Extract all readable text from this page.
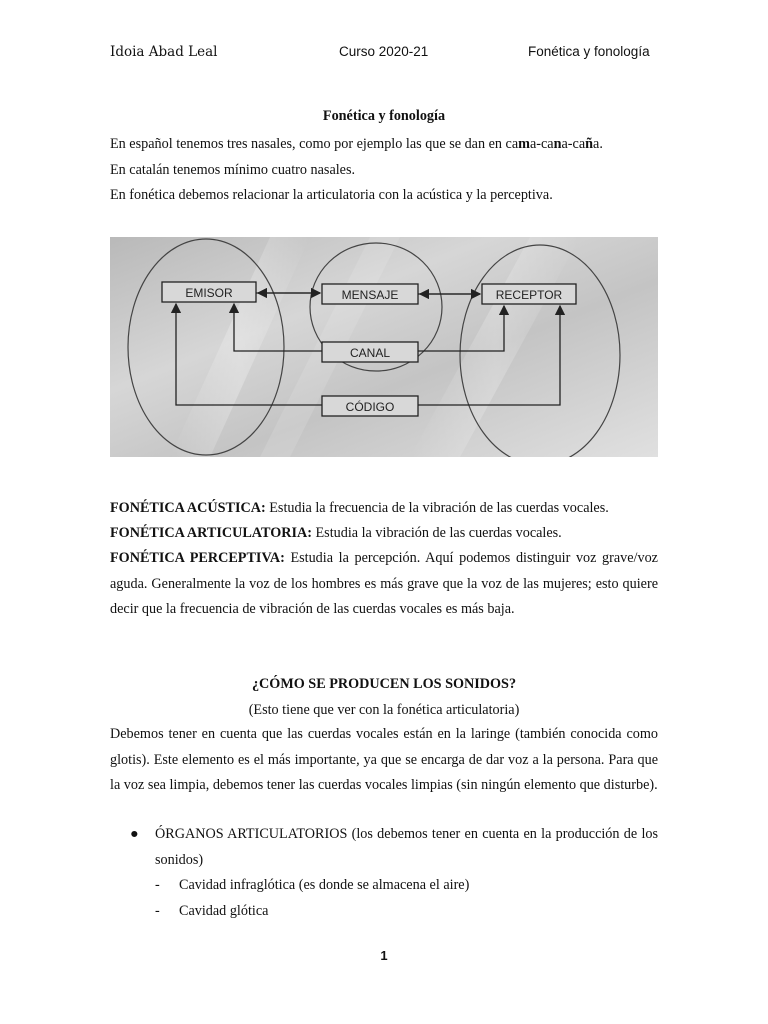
Idoia Abad Leal	Curso 2020-21	Fonética y fonología
Fonética y fonología
En español tenemos tres nasales, como por ejemplo las que se dan en cama-cana-caña.
En catalán tenemos mínimo cuatro nasales.
En fonética debemos relacionar la articulatoria con la acústica y la perceptiva.
EMISOR	MENSAJE	RECEPTOR
CANAL
CÓDIGO
FONÉTICA ACÚSTICA: Estudia la frecuencia de la vibración de las cuerdas vocales.
FONÉTICA ARTICULATORIA: Estudia la vibración de las cuerdas vocales.
FONÉTICA PERCEPTIVA: Estudia la percepción. Aquí podemos distinguir voz grave/voz aguda. Generalmente la voz de los hombres es más grave que la voz de las mujeres; esto quiere decir que la frecuencia de vibración de las cuerdas vocales es más baja.
¿CÓMO SE PRODUCEN LOS SONIDOS?
(Esto tiene que ver con la fonética articulatoria)
Debemos tener en cuenta que las cuerdas vocales están en la laringe (también conocida como glotis). Este elemento es el más importante, ya que se encarga de dar voz a la persona. Para que la voz sea limpia, debemos tener las cuerdas vocales limpias (sin ningún elemento que disturbe).
● ÓRGANOS ARTICULATORIOS (los debemos tener en cuenta en la producción de los sonidos)
- Cavidad infraglótica (es donde se almacena el aire)
- Cavidad glótica
1
